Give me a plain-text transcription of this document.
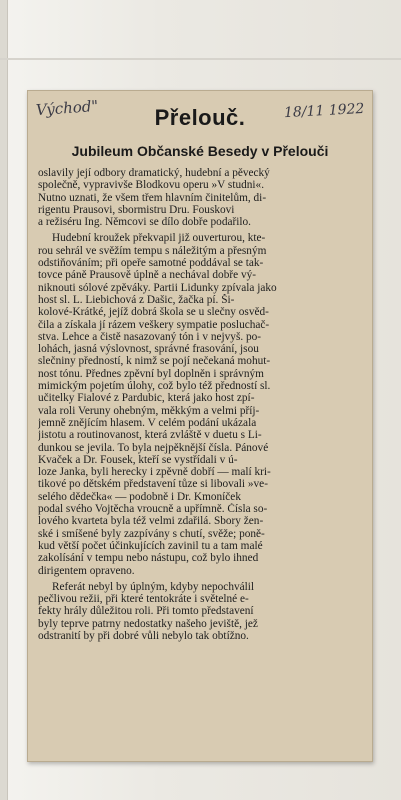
Východ"	18/11 1922
Přelouč.
Jubileum Občanské Besedy v Přelouči

oslavily její odbory dramatický, hudební a pěvecký
společně, vypravivše Blodkovu operu »V studni«.
Nutno uznati, že všem třem hlavním činitelům, di-
rigentu Prausovi, sbormistru Dru. Fouskovi
a režiséru Ing. Němcovi se dílo dobře podařilo.

Hudební kroužek překvapil již ouverturou, kte-
rou sehrál ve svěžím tempu s náležitým a přesným
odstiňováním; při opeře samotné poddával se tak-
tovce páně Prausově úplně a nechával dobře vý-
niknouti sólové zpěváky. Partii Lidunky zpívala jako
host sl. L. Liebichová z Dašic, žačka pí. Ši-
kolové-Krátké, jejíž dobrá škola se u slečny osvěd-
čila a získala jí rázem veškery sympatie posluchač-
stva. Lehce a čistě nasazovaný tón i v nejvyš. po-
lohách, jasná výslovnost, správné frasování, jsou
slečniny předností, k nimž se pojí nečekaná mohut-
nost tónu. Přednes zpěvní byl doplněn i správným
mimickým pojetím úlohy, což bylo též předností sl.
učitelky Fialové z Pardubic, která jako host zpí-
vala roli Veruny ohebným, měkkým a velmi příj-
jemně znějícím hlasem. V celém podání ukázala
jistotu a routinovanost, která zvláště v duetu s Li-
dunkou se jevila. To byla nejpěknější čísla. Pánové
Kvaček a Dr. Fousek, kteří se vystřídali v ú-
loze Janka, byli herecky i zpěvně dobří — malí kri-
tikové po dětském představení tůze si libovali »ve-
selého dědečka« — podobně i Dr. Kmoníček
podal svého Vojtěcha vroucně a upřímně. Čísla so-
lového kvarteta byla též velmi zdařilá. Sbory žen-
ské i smíšené byly zazpívány s chutí, svěže; poně-
kud větší počet účinkujících zavinil tu a tam malé
zakolísání v tempu nebo nástupu, což bylo ihned
dirigentem opraveno.

Referát nebyl by úplným, kdyby nepochválil
pečlivou režii, při které tentokráte i světelné e-
fekty hrály důležitou roli. Při tomto představení
byly teprve patrny nedostatky našeho jeviště, jež
odstranití by při dobré vůli nebylo tak obtížno.
